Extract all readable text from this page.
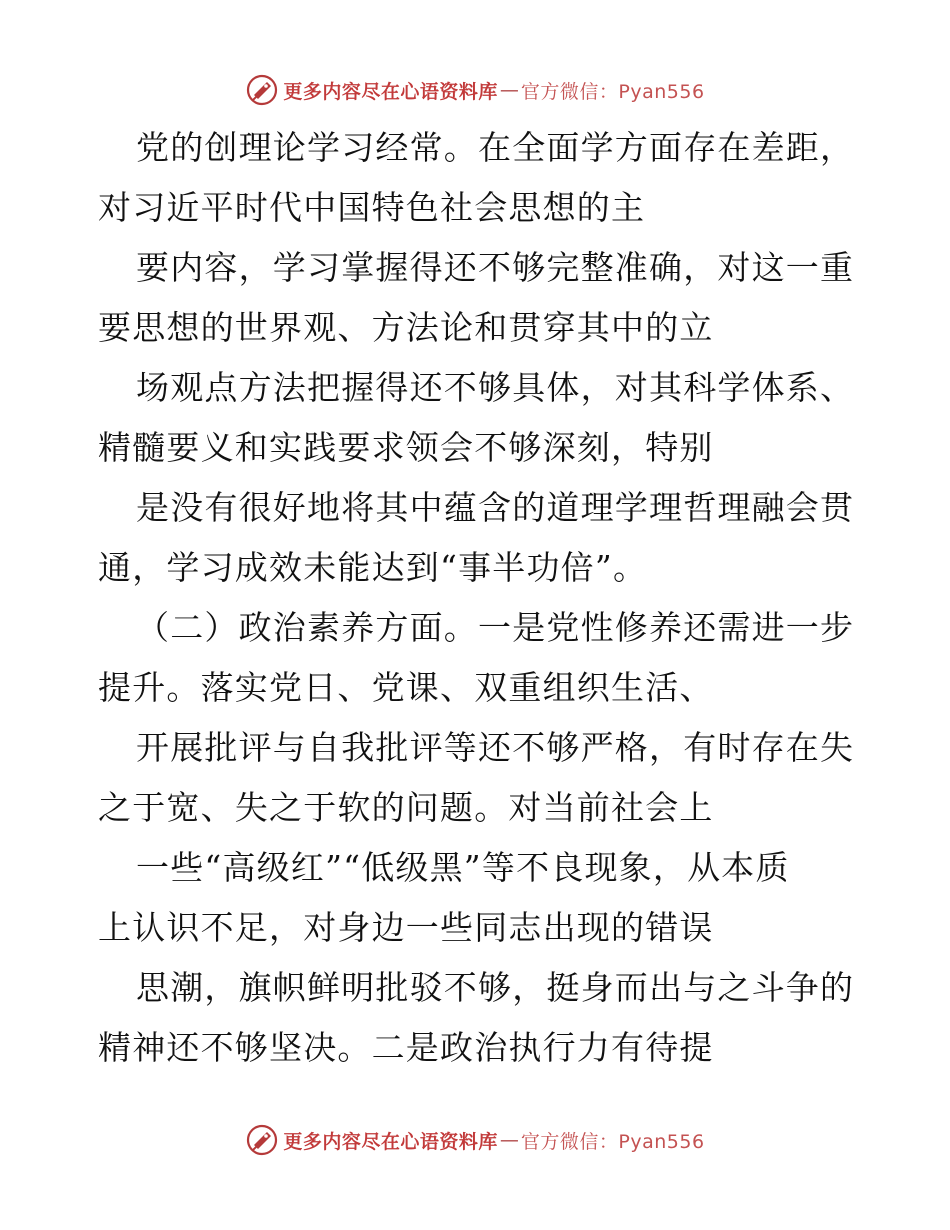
更多内容尽在心语资料库 — 官方微信：Pyan556
党的创理论学习经常。在全面学方面存在差距，
对习近平时代中国特色社会思想的主
要内容，学习掌握得还不够完整准确，对这一重
要思想的世界观、方法论和贯穿其中的立
场观点方法把握得还不够具体，对其科学体系、
精髓要义和实践要求领会不够深刻，特别
是没有很好地将其中蕴含的道理学理哲理融会贯
通，学习成效未能达到“事半功倍”。
（二）政治素养方面。一是党性修养还需进一步
提升。落实党日、党课、双重组织生活、
开展批评与自我批评等还不够严格，有时存在失
之于宽、失之于软的问题。对当前社会上
一些“高级红”“低级黑”等不良现象，从本质
上认识不足，对身边一些同志出现的错误
思潮，旗帜鲜明批驳不够，挺身而出与之斗争的
精神还不够坚决。二是政治执行力有待提
更多内容尽在心语资料库 — 官方微信：Pyan556
